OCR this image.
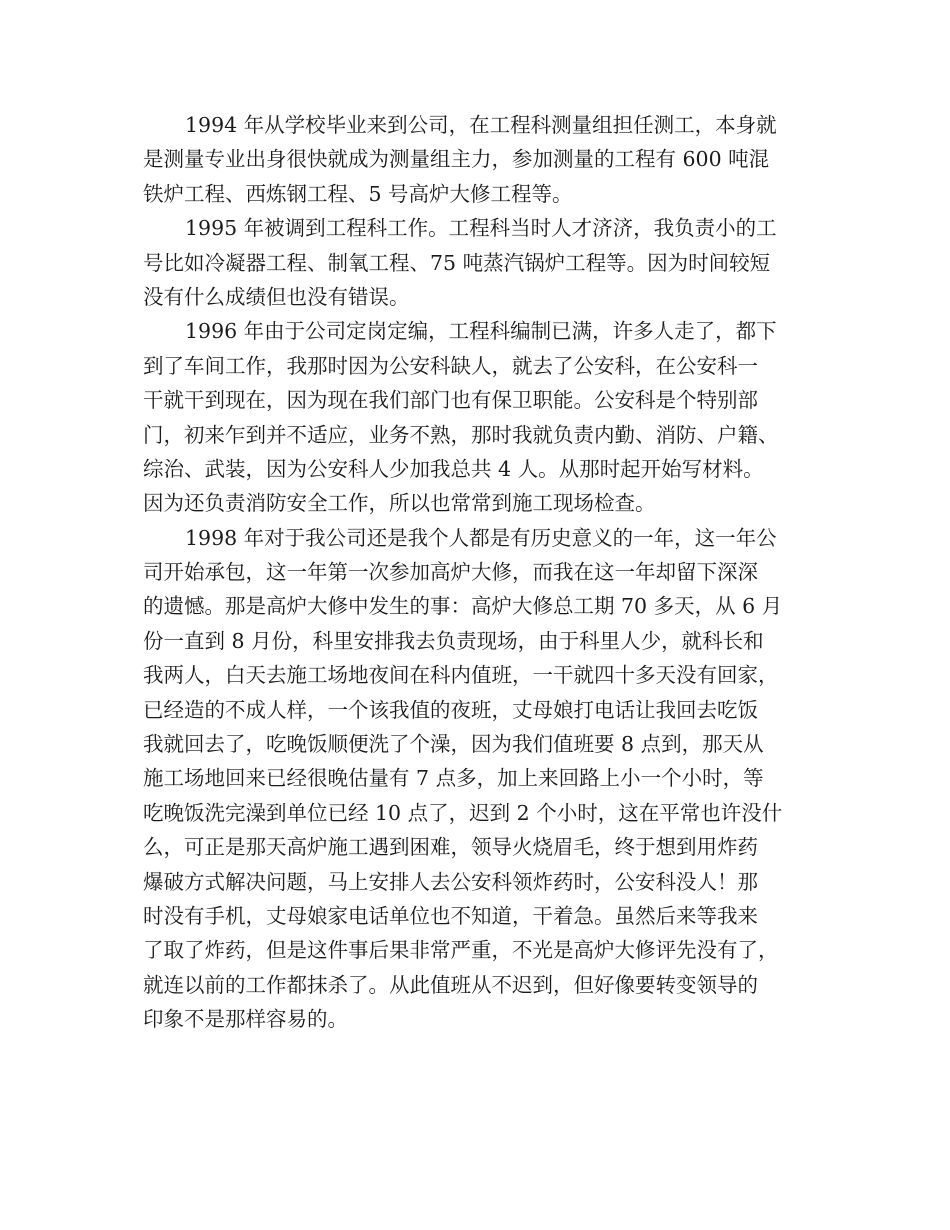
1994 年从学校毕业来到公司，在工程科测量组担任测工，本身就
是测量专业出身很快就成为测量组主力，参加测量的工程有 600 吨混
铁炉工程、西炼钢工程、5 号高炉大修工程等。
1995 年被调到工程科工作。工程科当时人才济济，我负责小的工
号比如冷凝器工程、制氧工程、75 吨蒸汽锅炉工程等。因为时间较短
没有什么成绩但也没有错误。
1996 年由于公司定岗定编，工程科编制已满，许多人走了，都下
到了车间工作，我那时因为公安科缺人，就去了公安科，在公安科一
干就干到现在，因为现在我们部门也有保卫职能。公安科是个特别部
门，初来乍到并不适应，业务不熟，那时我就负责内勤、消防、户籍、
综治、武装，因为公安科人少加我总共 4 人。从那时起开始写材料。
因为还负责消防安全工作，所以也常常到施工现场检查。
1998 年对于我公司还是我个人都是有历史意义的一年，这一年公
司开始承包，这一年第一次参加高炉大修，而我在这一年却留下深深
的遗憾。那是高炉大修中发生的事：高炉大修总工期 70 多天，从 6 月
份一直到 8 月份，科里安排我去负责现场，由于科里人少，就科长和
我两人，白天去施工场地夜间在科内值班，一干就四十多天没有回家，
已经造的不成人样，一个该我值的夜班，丈母娘打电话让我回去吃饭
我就回去了，吃晚饭顺便洗了个澡，因为我们值班要 8 点到，那天从
施工场地回来已经很晚估量有 7 点多，加上来回路上小一个小时，等
吃晚饭洗完澡到单位已经 10 点了，迟到 2 个小时，这在平常也许没什
么，可正是那天高炉施工遇到困难，领导火烧眉毛，终于想到用炸药
爆破方式解决问题，马上安排人去公安科领炸药时，公安科没人！那
时没有手机，丈母娘家电话单位也不知道，干着急。虽然后来等我来
了取了炸药，但是这件事后果非常严重，不光是高炉大修评先没有了，
就连以前的工作都抹杀了。从此值班从不迟到，但好像要转变领导的
印象不是那样容易的。
